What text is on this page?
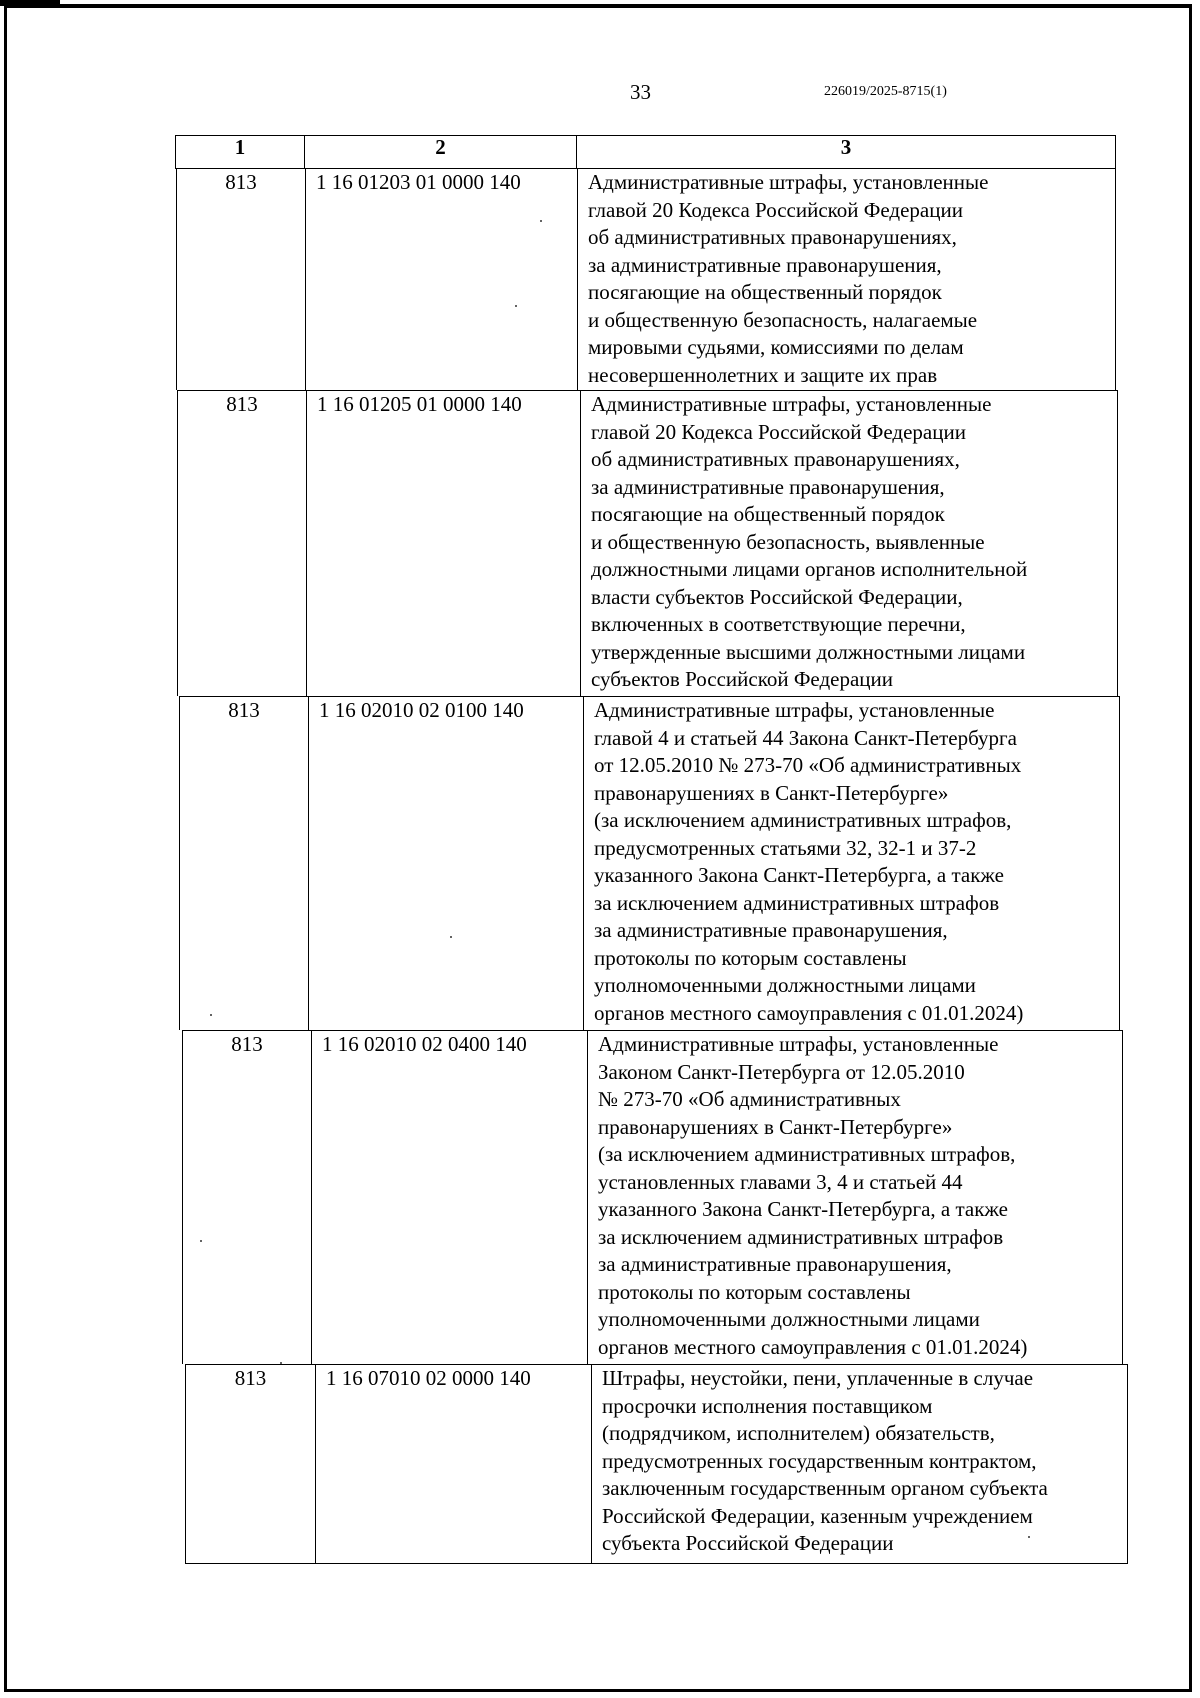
33	226019/2025-8715(1)
1	2	3
813	1 16 01203 01 0000 140	Административные штрафы, установленные
главой 20 Кодекса Российской Федерации
об административных правонарушениях,
за административные правонарушения,
посягающие на общественный порядок
и общественную безопасность, налагаемые
мировыми судьями, комиссиями по делам
несовершеннолетних и защите их прав
813	1 16 01205 01 0000 140	Административные штрафы, установленные
главой 20 Кодекса Российской Федерации
об административных правонарушениях,
за административные правонарушения,
посягающие на общественный порядок
и общественную безопасность, выявленные
должностными лицами органов исполнительной
власти субъектов Российской Федерации,
включенных в соответствующие перечни,
утвержденные высшими должностными лицами
субъектов Российской Федерации
813	1 16 02010 02 0100 140	Административные штрафы, установленные
главой 4 и статьей 44 Закона Санкт-Петербурга
от 12.05.2010 № 273-70 «Об административных
правонарушениях в Санкт-Петербурге»
(за исключением административных штрафов,
предусмотренных статьями 32, 32-1 и 37-2
указанного Закона Санкт-Петербурга, а также
за исключением административных штрафов
за административные правонарушения,
протоколы по которым составлены
уполномоченными должностными лицами
органов местного самоуправления с 01.01.2024)
813	1 16 02010 02 0400 140	Административные штрафы, установленные
Законом Санкт-Петербурга от 12.05.2010
№ 273-70 «Об административных
правонарушениях в Санкт-Петербурге»
(за исключением административных штрафов,
установленных главами 3, 4 и статьей 44
указанного Закона Санкт-Петербурга, а также
за исключением административных штрафов
за административные правонарушения,
протоколы по которым составлены
уполномоченными должностными лицами
органов местного самоуправления с 01.01.2024)
813	1 16 07010 02 0000 140	Штрафы, неустойки, пени, уплаченные в случае
просрочки исполнения поставщиком
(подрядчиком, исполнителем) обязательств,
предусмотренных государственным контрактом,
заключенным государственным органом субъекта
Российской Федерации, казенным учреждением
субъекта Российской Федерации
